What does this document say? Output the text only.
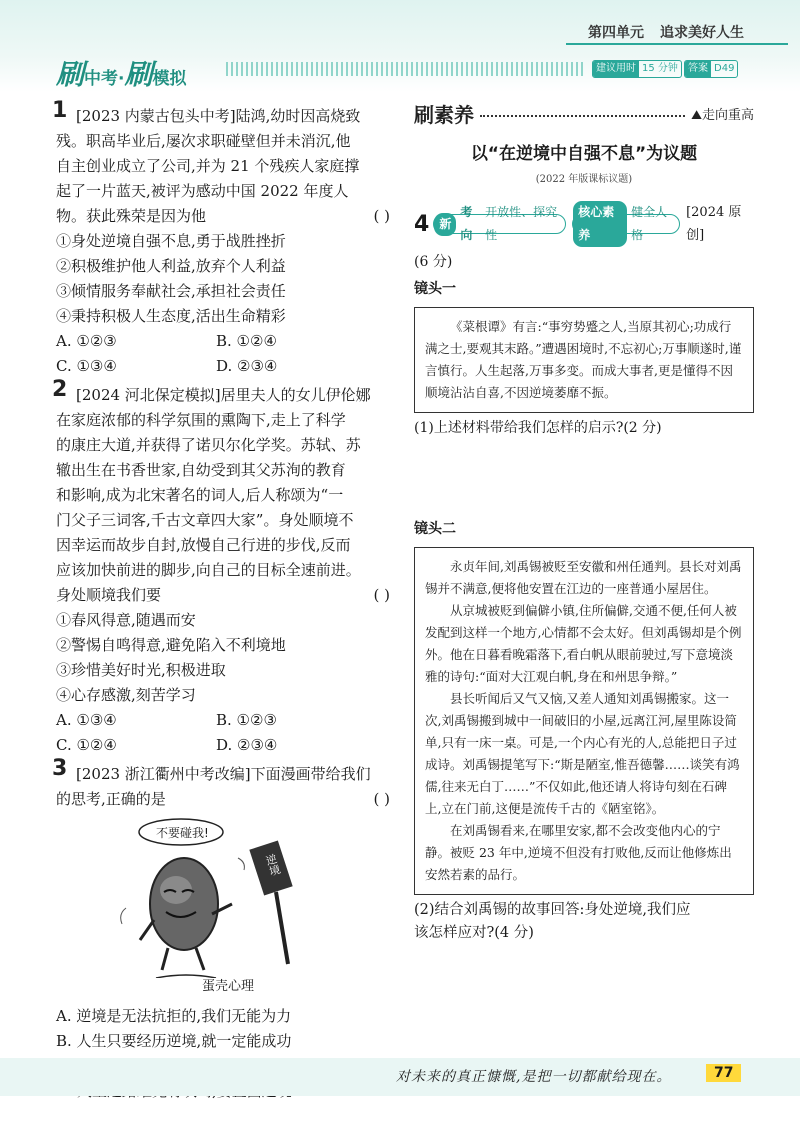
第四单元 追求美好人生
刷中考·刷模拟
建议用时 15 分钟	答案 D49
1 [2023 内蒙古包头中考]陆鸿,幼时因高烧致
残。职高毕业后,屡次求职碰壁但并未消沉,他
自主创业成立了公司,并为 21 个残疾人家庭撑
起了一片蓝天,被评为感动中国 2022 年度人
物。获此殊荣是因为他	( )
①身处逆境自强不息,勇于战胜挫折
②积极维护他人利益,放弃个人利益
③倾情服务奉献社会,承担社会责任
④秉持积极人生态度,活出生命精彩
A. ①②③	B. ①②④
C. ①③④	D. ②③④
2 [2024 河北保定模拟]居里夫人的女儿伊伦娜
在家庭浓郁的科学氛围的熏陶下,走上了科学
的康庄大道,并获得了诺贝尔化学奖。苏轼、苏
辙出生在书香世家,自幼受到其父苏洵的教育
和影响,成为北宋著名的词人,后人称颂为“一
门父子三词客,千古文章四大家”。身处顺境不
因幸运而故步自封,放慢自己行进的步伐,反而
应该加快前进的脚步,向自己的目标全速前进。
身处顺境我们要	( )
①春风得意,随遇而安
②警惕自鸣得意,避免陷入不利境地
③珍惜美好时光,积极进取
④心存感激,刻苦学习
A. ①③④	B. ①②③
C. ①②④	D. ②③④
3 [2023 浙江衢州中考改编]下面漫画带给我们
的思考,正确的是	( )
不要碰我!
逆境
蛋壳心理
A. 逆境是无法抗拒的,我们无能为力
B. 人生只要经历逆境,就一定能成功
刷素养	⛰走向重高
以“在逆境中自强不息”为议题
(2022 年版课标议题)
4 新
考向
开放性、探究性
核心素养
健全人格
[2024 原创]
(6 分)
镜头一

《菜根谭》有言:“事穷势蹙之人,当原其初心;功成行满之士,要观其末路。”遭遇困境时,不忘初心;万事顺遂时,谨言慎行。人生起落,万事多变。而成大事者,更是懂得不因顺境沾沾自喜,不因逆境萎靡不振。

(1)上述材料带给我们怎样的启示?(2 分)
镜头二

永贞年间,刘禹锡被贬至安徽和州任通判。县长对刘禹锡并不满意,便将他安置在江边的一座普通小屋居住。

从京城被贬到偏僻小镇,住所偏僻,交通不便,任何人被发配到这样一个地方,心情都不会太好。但刘禹锡却是个例外。他在日暮看晚霜落下,看白帆从眼前驶过,写下意境淡雅的诗句:“面对大江观白帆,身在和州思争辩。”

县长听闻后又气又恼,又差人通知刘禹锡搬家。这一次,刘禹锡搬到城中一间破旧的小屋,远离江河,屋里陈设简单,只有一床一桌。可是,一个内心有光的人,总能把日子过成诗。刘禹锡提笔写下:“斯是陋室,惟吾德馨……谈笑有鸿儒,往来无白丁……”不仅如此,他还请人将诗句刻在石碑上,立在门前,这便是流传千古的《陋室铭》。

在刘禹锡看来,在哪里安家,都不会改变他内心的宁静。被贬 23 年中,逆境不但没有打败他,反而让他修炼出安然若素的品行。

(2)结合刘禹锡的故事回答:身处逆境,我们应
该怎样应对?(4 分)
对未来的真正慷慨,是把一切都献给现在。	77
